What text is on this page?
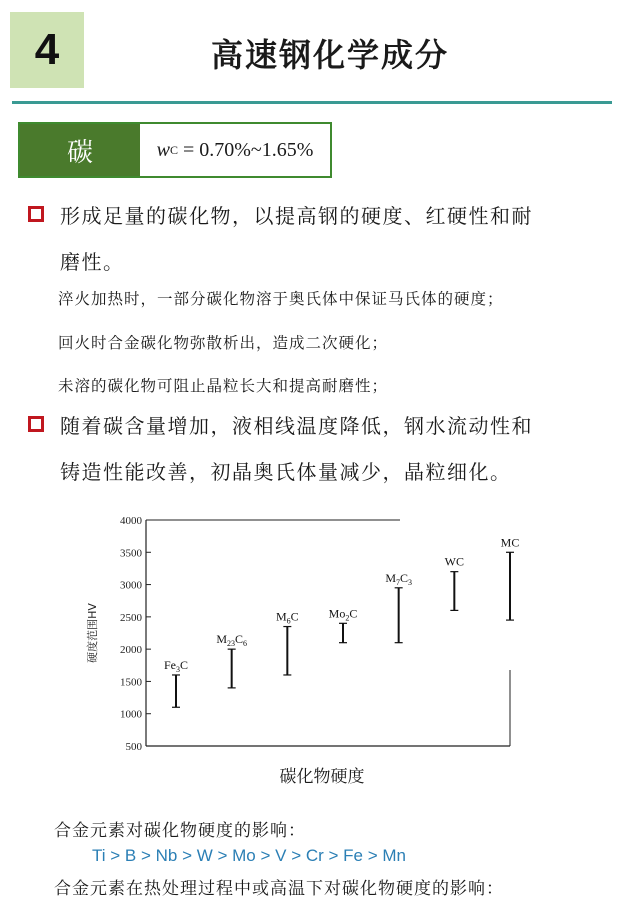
4	高速钢化学成分
碳	w C
= 0.70%~1.65%
形成足量的碳化物，以提高钢的硬度、红硬性和耐
磨性。
淬火加热时，一部分碳化物溶于奥氏体中保证马氏体的硬度；
回火时合金碳化物弥散析出，造成二次硬化；
未溶的碳化物可阻止晶粒长大和提高耐磨性；
随着碳含量增加，液相线温度降低，钢水流动性和
铸造性能改善，初晶奥氏体量减少，晶粒细化。
500
1000
1500
2000
2500
3000
3500
4000
硬度范围HV
$Fe_3C$
$M_{23}C_6$
$M_6C$ $Mo_2C$
$M_7C_3$
WC
MC
碳化物硬度
合金元素对碳化物硬度的影响：
Ti > B > Nb > W > Mo > V > Cr > Fe > Mn
合金元素在热处理过程中或高温下对碳化物硬度的影响：
